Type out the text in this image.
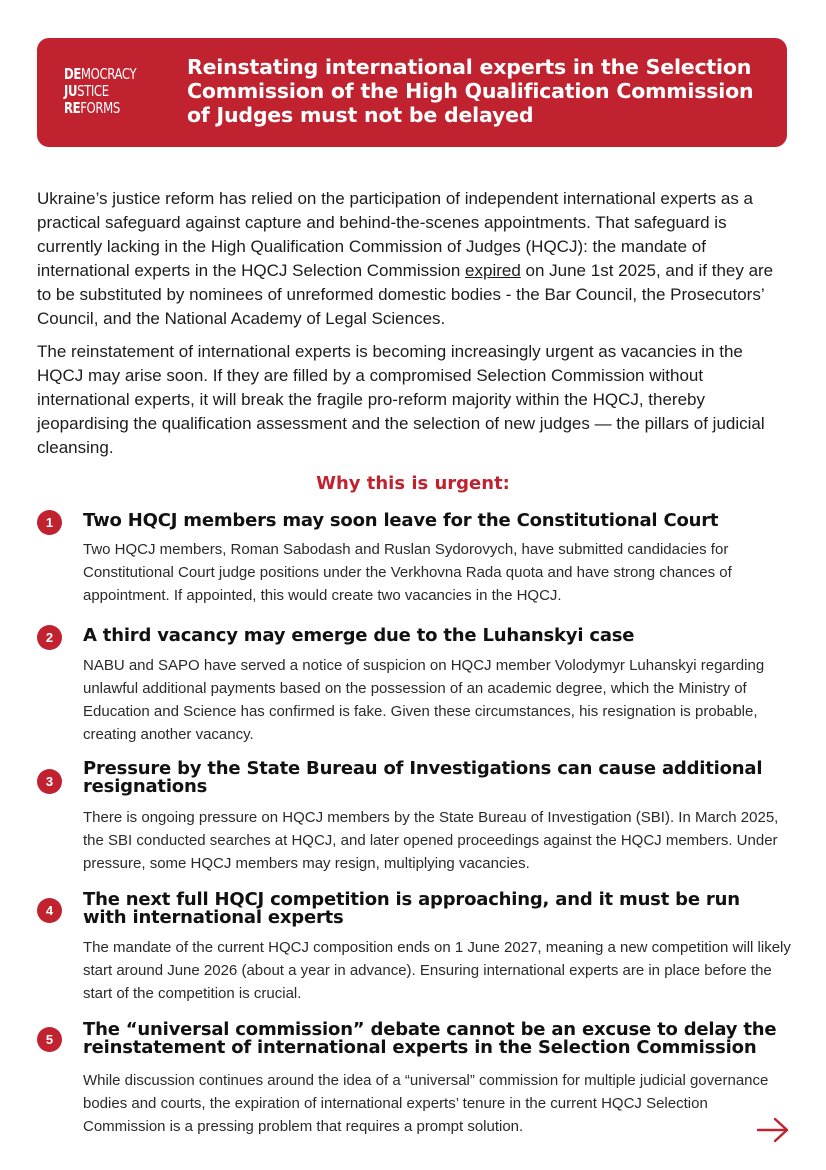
DEMOCRACY
JUSTICE
REFORMS
Reinstating international experts in the Selection Commission of the High Qualification Commission of Judges must not be delayed

Ukraine’s justice reform has relied on the participation of independent international experts as a practical safeguard against capture and behind-the-scenes appointments. That safeguard is currently lacking in the High Qualification Commission of Judges (HQCJ): the mandate of international experts in the HQCJ Selection Commission expired on June 1st 2025, and if they are to be substituted by nominees of unreformed domestic bodies - the Bar Council, the Prosecutors’ Council, and the National Academy of Legal Sciences.

The reinstatement of international experts is becoming increasingly urgent as vacancies in the HQCJ may arise soon. If they are filled by a compromised Selection Commission without international experts, it will break the fragile pro-reform majority within the HQCJ, thereby jeopardising the qualification assessment and the selection of new judges — the pillars of judicial cleansing.

Why this is urgent:
1	Two HQCJ members may soon leave for the Constitutional Court
Two HQCJ members, Roman Sabodash and Ruslan Sydorovych, have submitted candidacies for Constitutional Court judge positions under the Verkhovna Rada quota and have strong chances of appointment. If appointed, this would create two vacancies in the HQCJ.
2	A third vacancy may emerge due to the Luhanskyi case
NABU and SAPO have served a notice of suspicion on HQCJ member Volodymyr Luhanskyi regarding unlawful additional payments based on the possession of an academic degree, which the Ministry of Education and Science has confirmed is fake. Given these circumstances, his resignation is probable, creating another vacancy.
3
Pressure by the State Bureau of Investigations can cause additional resignations
There is ongoing pressure on HQCJ members by the State Bureau of Investigation (SBI). In March 2025, the SBI conducted searches at HQCJ, and later opened proceedings against the HQCJ members. Under pressure, some HQCJ members may resign, multiplying vacancies.
4
The next full HQCJ competition is approaching, and it must be run with international experts
The mandate of the current HQCJ composition ends on 1 June 2027, meaning a new competition will likely start around June 2026 (about a year in advance). Ensuring international experts are in place before the start of the competition is crucial.
5	The “universal commission” debate cannot be an excuse to delay the reinstatement of international experts in the Selection Commission
While discussion continues around the idea of a “universal” commission for multiple judicial governance bodies and courts, the expiration of international experts’ tenure in the current HQCJ Selection Commission is a pressing problem that requires a prompt solution.
